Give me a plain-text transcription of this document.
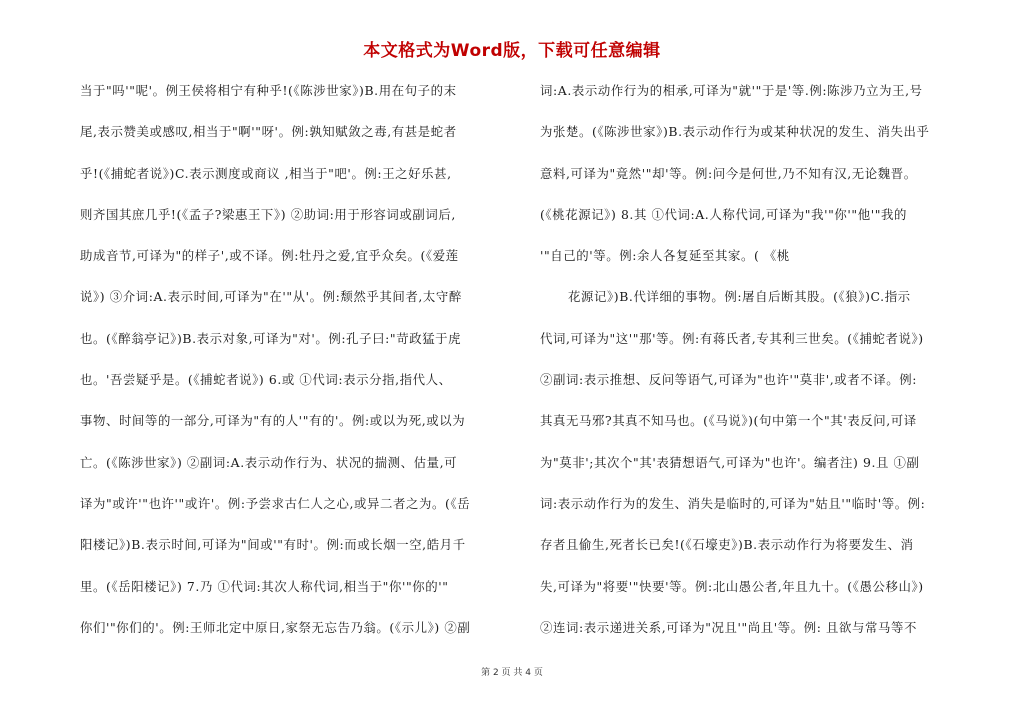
本文格式为Word版，下载可任意编辑
当于"吗'"呢'。例王侯将相宁有种乎!(《陈涉世家》)B.用在句子的末
尾,表示赞美或感叹,相当于"啊'"呀'。例:孰知赋敛之毒,有甚是蛇者
乎!(《捕蛇者说》)C.表示测度或商议 ,相当于"吧'。例:王之好乐甚,
则齐国其庶几乎!(《孟子?梁惠王下》) ②助词:用于形容词或副词后,
助成音节,可译为"的样子',或不译。例:牡丹之爱,宜乎众矣。(《爱莲
说》) ③介词:A.表示时间,可译为"在'"从'。例:颓然乎其间者,太守醉
也。(《醉翁亭记》)B.表示对象,可译为"对'。例:孔子曰:"苛政猛于虎
也。'吾尝疑乎是。(《捕蛇者说》) 6.或 ①代词:表示分指,指代人、
事物、时间等的一部分,可译为"有的人'"有的'。例:或以为死,或以为
亡。(《陈涉世家》) ②副词:A.表示动作行为、状况的揣测、估量,可
译为"或许'"也许'"或许'。例:予尝求古仁人之心,或异二者之为。(《岳
阳楼记》)B.表示时间,可译为"间或'"有时'。例:而或长烟一空,皓月千
里。(《岳阳楼记》) 7.乃 ①代词:其次人称代词,相当于"你'"你的'"
你们'"你们的'。例:王师北定中原日,家祭无忘告乃翁。(《示儿》) ②副
词:A.表示动作行为的相承,可译为"就'"于是'等.例:陈涉乃立为王,号
为张楚。(《陈涉世家》)B.表示动作行为或某种状况的发生、消失出乎
意料,可译为"竟然'"却'等。例:问今是何世,乃不知有汉,无论魏晋。
(《桃花源记》) 8.其 ①代词:A.人称代词,可译为"我'"你'"他'"我的
'"自己的'等。例:余人各复延至其家。( 《桃
花源记》)B.代详细的事物。例:屠自后断其股。(《狼》)C.指示
代词,可译为"这'"那'等。例:有蒋氏者,专其利三世矣。(《捕蛇者说》)
②副词:表示推想、反问等语气,可译为"也许'"莫非',或者不译。例:
其真无马邪?其真不知马也。(《马说》)(句中第一个"其'表反问,可译
为"莫非';其次个"其'表猜想语气,可译为"也许'。编者注) 9.且 ①副
词:表示动作行为的发生、消失是临时的,可译为"姑且'"临时'等。例:
存者且偷生,死者长已矣!(《石壕吏》)B.表示动作行为将要发生、消
失,可译为"将要'"快要'等。例:北山愚公者,年且九十。(《愚公移山》)
②连词:表示递进关系,可译为"况且'"尚且'等。例: 且欲与常马等不
第 2 页 共 4 页
